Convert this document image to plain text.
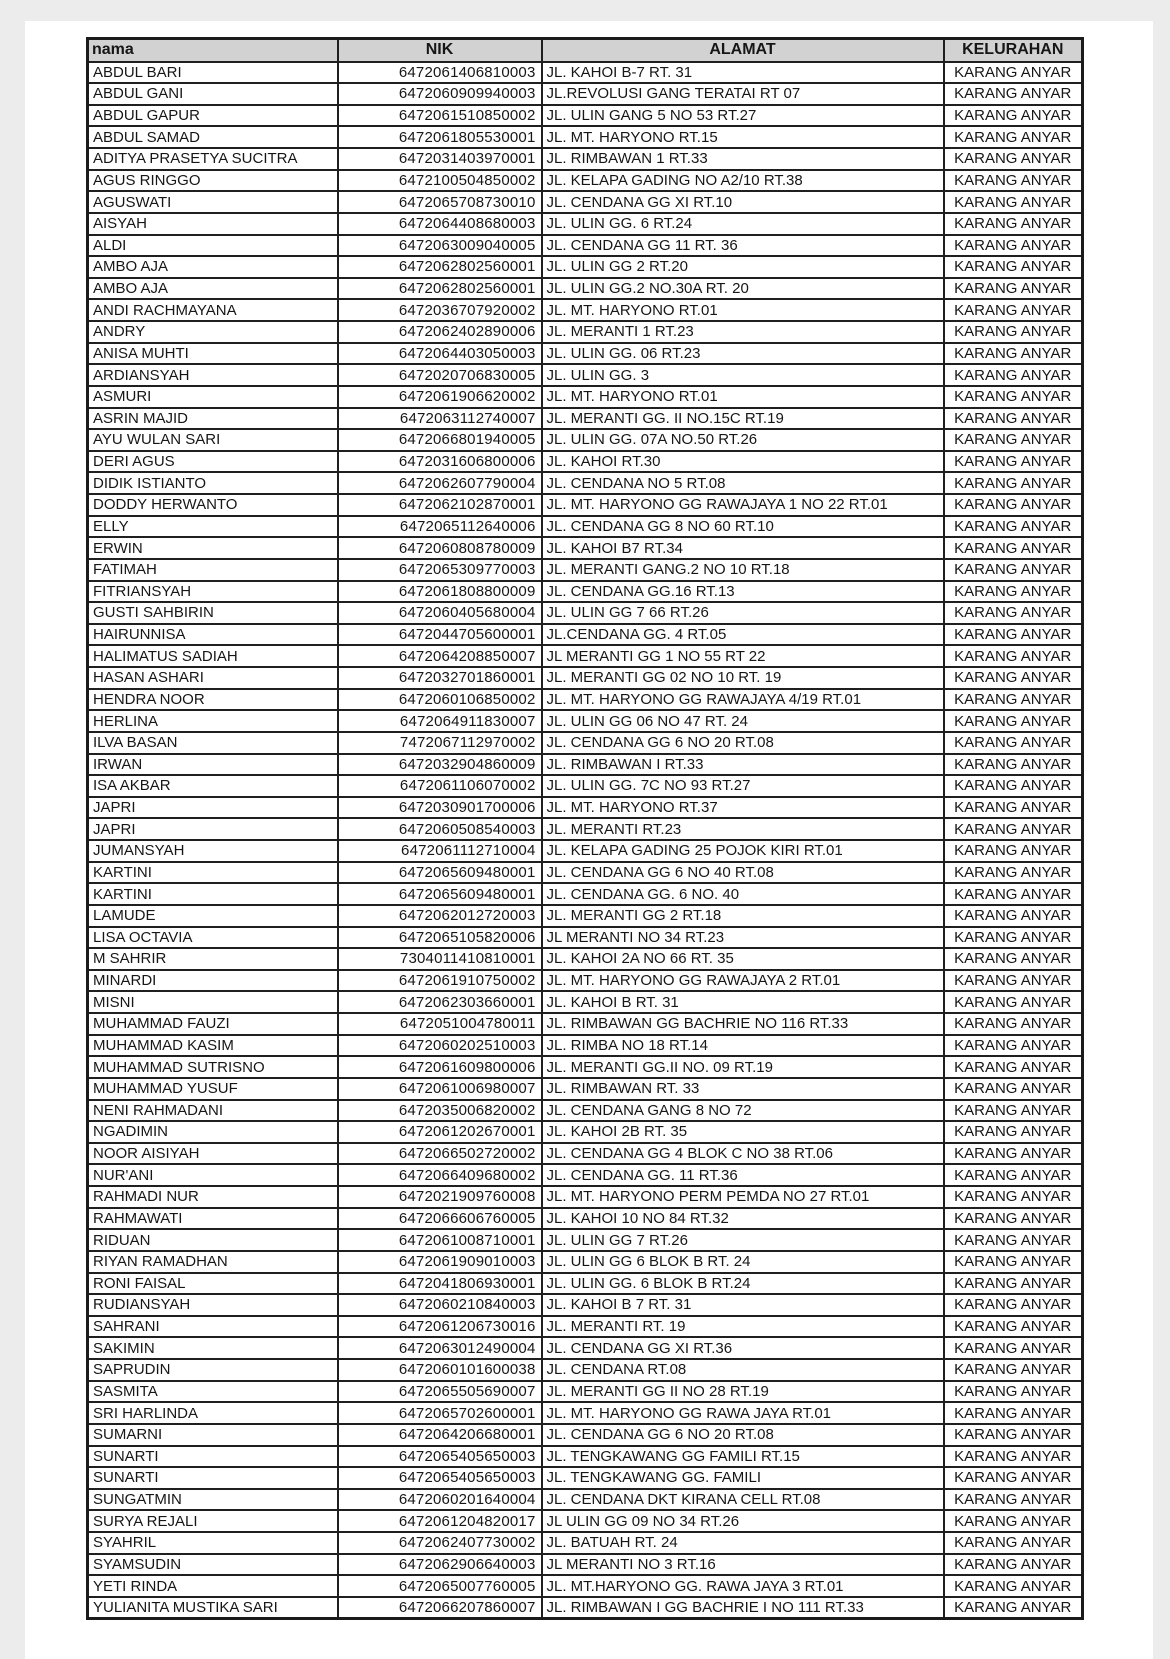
nama	NIK	ALAMAT	KELURAHAN
ABDUL BARI	6472061406810003	JL. KAHOI B-7 RT. 31	KARANG ANYAR
ABDUL GANI	6472060909940003	JL.REVOLUSI GANG TERATAI RT 07	KARANG ANYAR
ABDUL GAPUR	6472061510850002	JL. ULIN GANG 5 NO 53 RT.27	KARANG ANYAR
ABDUL SAMAD	6472061805530001	JL. MT. HARYONO RT.15	KARANG ANYAR
ADITYA PRASETYA SUCITRA	6472031403970001	JL. RIMBAWAN 1 RT.33	KARANG ANYAR
AGUS RINGGO	6472100504850002	JL. KELAPA GADING NO A2/10 RT.38	KARANG ANYAR
AGUSWATI	6472065708730010	JL. CENDANA GG XI RT.10	KARANG ANYAR
AISYAH	6472064408680003	JL. ULIN GG. 6 RT.24	KARANG ANYAR
ALDI	6472063009040005	JL. CENDANA GG 11 RT. 36	KARANG ANYAR
AMBO AJA	6472062802560001	JL. ULIN GG 2 RT.20	KARANG ANYAR
AMBO AJA	6472062802560001	JL. ULIN GG.2 NO.30A RT. 20	KARANG ANYAR
ANDI RACHMAYANA	6472036707920002	JL. MT. HARYONO RT.01	KARANG ANYAR
ANDRY	6472062402890006	JL. MERANTI 1 RT.23	KARANG ANYAR
ANISA MUHTI	6472064403050003	JL. ULIN GG. 06 RT.23	KARANG ANYAR
ARDIANSYAH	6472020706830005	JL. ULIN GG. 3	KARANG ANYAR
ASMURI	6472061906620002	JL. MT. HARYONO RT.01	KARANG ANYAR
ASRIN MAJID	6472063112740007	JL. MERANTI GG. II NO.15C RT.19	KARANG ANYAR
AYU WULAN SARI	6472066801940005	JL. ULIN GG. 07A NO.50 RT.26	KARANG ANYAR
DERI AGUS	6472031606800006	JL. KAHOI RT.30	KARANG ANYAR
DIDIK ISTIANTO	6472062607790004	JL. CENDANA NO 5 RT.08	KARANG ANYAR
DODDY HERWANTO	6472062102870001	JL. MT. HARYONO GG RAWAJAYA 1 NO 22 RT.01	KARANG ANYAR
ELLY	6472065112640006	JL. CENDANA GG 8 NO 60 RT.10	KARANG ANYAR
ERWIN	6472060808780009	JL. KAHOI B7 RT.34	KARANG ANYAR
FATIMAH	6472065309770003	JL. MERANTI GANG.2 NO 10 RT.18	KARANG ANYAR
FITRIANSYAH	6472061808800009	JL. CENDANA GG.16 RT.13	KARANG ANYAR
GUSTI SAHBIRIN	6472060405680004	JL. ULIN GG 7 66 RT.26	KARANG ANYAR
HAIRUNNISA	6472044705600001	JL.CENDANA GG. 4 RT.05	KARANG ANYAR
HALIMATUS SADIAH	6472064208850007	JL MERANTI GG 1 NO 55 RT 22	KARANG ANYAR
HASAN ASHARI	6472032701860001	JL. MERANTI GG 02 NO 10 RT. 19	KARANG ANYAR
HENDRA NOOR	6472060106850002	JL. MT. HARYONO GG RAWAJAYA 4/19 RT.01	KARANG ANYAR
HERLINA	6472064911830007	JL. ULIN GG 06 NO 47 RT. 24	KARANG ANYAR
ILVA BASAN	7472067112970002	JL. CENDANA GG 6 NO 20 RT.08	KARANG ANYAR
IRWAN	6472032904860009	JL. RIMBAWAN I RT.33	KARANG ANYAR
ISA AKBAR	6472061106070002	JL. ULIN GG. 7C NO 93 RT.27	KARANG ANYAR
JAPRI	6472030901700006	JL. MT. HARYONO RT.37	KARANG ANYAR
JAPRI	6472060508540003	JL. MERANTI RT.23	KARANG ANYAR
JUMANSYAH	6472061112710004	JL. KELAPA GADING 25 POJOK KIRI RT.01	KARANG ANYAR
KARTINI	6472065609480001	JL. CENDANA GG 6 NO 40 RT.08	KARANG ANYAR
KARTINI	6472065609480001	JL. CENDANA GG. 6 NO. 40	KARANG ANYAR
LAMUDE	6472062012720003	JL. MERANTI GG 2 RT.18	KARANG ANYAR
LISA OCTAVIA	6472065105820006	JL MERANTI NO 34 RT.23	KARANG ANYAR
M SAHRIR	7304011410810001	JL. KAHOI 2A NO 66 RT. 35	KARANG ANYAR
MINARDI	6472061910750002	JL. MT. HARYONO GG RAWAJAYA 2 RT.01	KARANG ANYAR
MISNI	6472062303660001	JL. KAHOI B RT. 31	KARANG ANYAR
MUHAMMAD FAUZI	6472051004780011	JL. RIMBAWAN GG BACHRIE NO 116 RT.33	KARANG ANYAR
MUHAMMAD KASIM	6472060202510003	JL. RIMBA NO 18 RT.14	KARANG ANYAR
MUHAMMAD SUTRISNO	6472061609800006	JL. MERANTI GG.II NO. 09 RT.19	KARANG ANYAR
MUHAMMAD YUSUF	6472061006980007	JL. RIMBAWAN RT. 33	KARANG ANYAR
NENI RAHMADANI	6472035006820002	JL. CENDANA GANG 8 NO 72	KARANG ANYAR
NGADIMIN	6472061202670001	JL. KAHOI 2B RT. 35	KARANG ANYAR
NOOR AISIYAH	6472066502720002	JL. CENDANA GG 4 BLOK C NO 38 RT.06	KARANG ANYAR
NUR'ANI	6472066409680002	JL. CENDANA GG. 11 RT.36	KARANG ANYAR
RAHMADI NUR	6472021909760008	JL. MT. HARYONO PERM PEMDA NO 27 RT.01	KARANG ANYAR
RAHMAWATI	6472066606760005	JL. KAHOI 10 NO 84 RT.32	KARANG ANYAR
RIDUAN	6472061008710001	JL. ULIN GG 7 RT.26	KARANG ANYAR
RIYAN RAMADHAN	6472061909010003	JL. ULIN GG 6 BLOK B RT. 24	KARANG ANYAR
RONI FAISAL	6472041806930001	JL. ULIN GG. 6 BLOK B RT.24	KARANG ANYAR
RUDIANSYAH	6472060210840003	JL. KAHOI B 7 RT. 31	KARANG ANYAR
SAHRANI	6472061206730016	JL. MERANTI RT. 19	KARANG ANYAR
SAKIMIN	6472063012490004	JL. CENDANA GG XI RT.36	KARANG ANYAR
SAPRUDIN	6472060101600038	JL. CENDANA RT.08	KARANG ANYAR
SASMITA	6472065505690007	JL. MERANTI GG II NO 28 RT.19	KARANG ANYAR
SRI HARLINDA	6472065702600001	JL. MT. HARYONO GG RAWA JAYA RT.01	KARANG ANYAR
SUMARNI	6472064206680001	JL. CENDANA GG 6 NO 20 RT.08	KARANG ANYAR
SUNARTI	6472065405650003	JL. TENGKAWANG GG FAMILI RT.15	KARANG ANYAR
SUNARTI	6472065405650003	JL. TENGKAWANG GG. FAMILI	KARANG ANYAR
SUNGATMIN	6472060201640004	JL. CENDANA DKT KIRANA CELL RT.08	KARANG ANYAR
SURYA REJALI	6472061204820017	JL ULIN GG 09 NO 34 RT.26	KARANG ANYAR
SYAHRIL	6472062407730002	JL. BATUAH RT. 24	KARANG ANYAR
SYAMSUDIN	6472062906640003	JL MERANTI NO 3 RT.16	KARANG ANYAR
YETI RINDA	6472065007760005	JL. MT.HARYONO GG. RAWA JAYA 3 RT.01	KARANG ANYAR
YULIANITA MUSTIKA SARI	6472066207860007	JL. RIMBAWAN I GG BACHRIE I NO 111 RT.33	KARANG ANYAR
